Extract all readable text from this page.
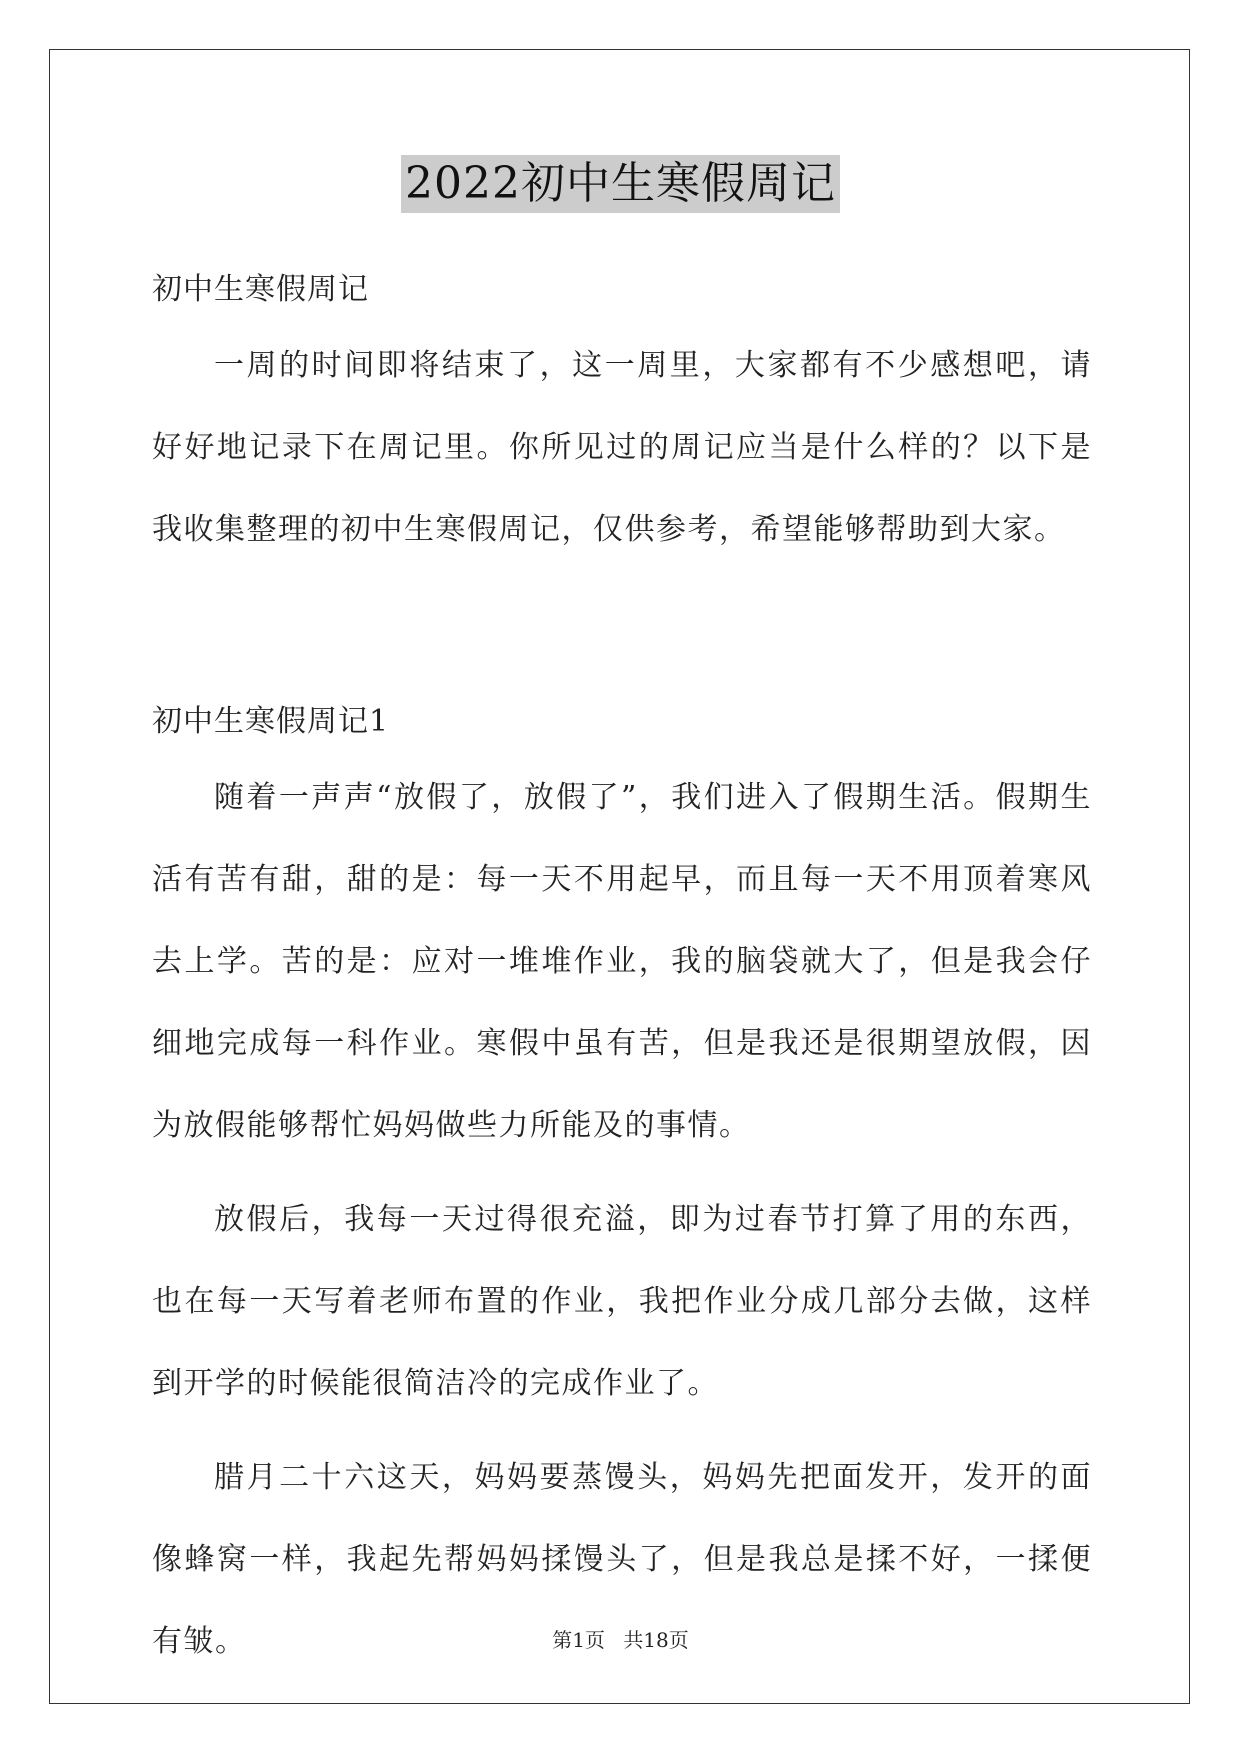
2022初中生寒假周记

初中生寒假周记

一周的时间即将结束了，这一周里，大家都有不少感想吧，请好好地记录下在周记里。你所见过的周记应当是什么样的？以下是我收集整理的初中生寒假周记，仅供参考，希望能够帮助到大家。

初中生寒假周记1

随着一声声“放假了，放假了”，我们进入了假期生活。假期生活有苦有甜，甜的是：每一天不用起早，而且每一天不用顶着寒风去上学。苦的是：应对一堆堆作业，我的脑袋就大了，但是我会仔细地完成每一科作业。寒假中虽有苦，但是我还是很期望放假，因为放假能够帮忙妈妈做些力所能及的事情。

放假后，我每一天过得很充溢，即为过春节打算了用的东西，也在每一天写着老师布置的作业，我把作业分成几部分去做，这样到开学的时候能很简洁冷的完成作业了。

腊月二十六这天，妈妈要蒸馒头，妈妈先把面发开，发开的面像蜂窝一样，我起先帮妈妈揉馒头了，但是我总是揉不好，一揉便有皱。	第1页 共18页
